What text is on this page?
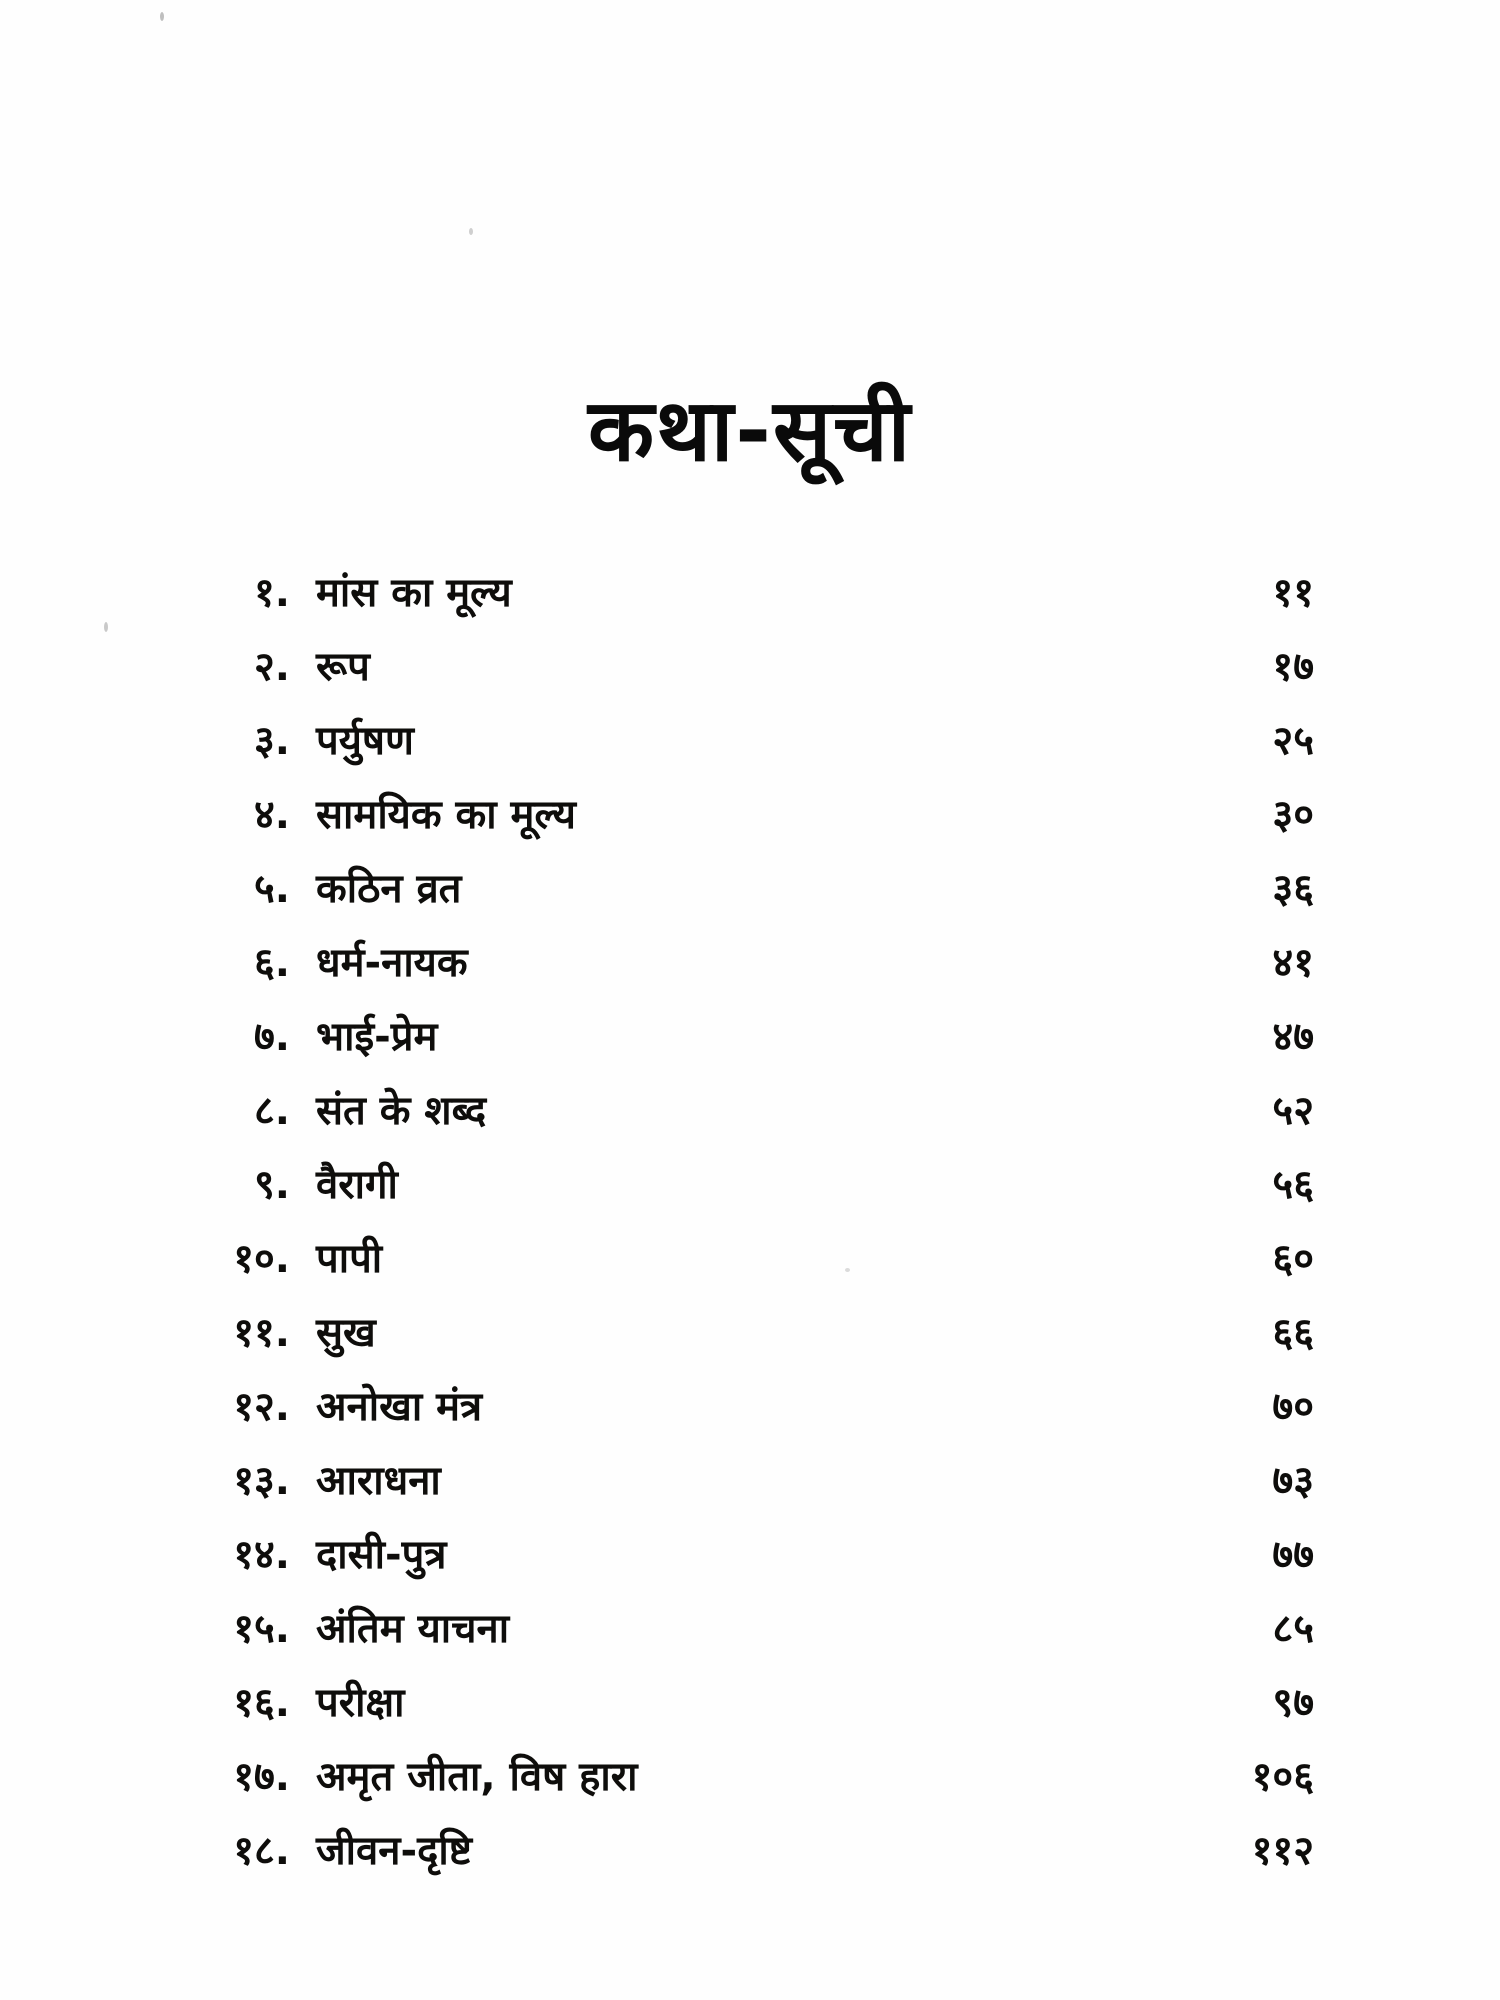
कथा-सूची
१. मांस का मूल्य	११
२. रूप	१७
३. पर्युषण	२५
४. सामयिक का मूल्य	३०
५. कठिन व्रत	३६
६. धर्म-नायक	४१
७. भाई-प्रेम	४७
८. संत के शब्द	५२
९. वैरागी	५६
१०. पापी	६०
११. सुख	६६
१२. अनोखा मंत्र	७०
१३. आराधना	७३
१४. दासी-पुत्र	७७
१५. अंतिम याचना	८५
१६. परीक्षा	९७
१७. अमृत जीता, विष हारा	१०६
१८. जीवन-दृष्टि	११२
